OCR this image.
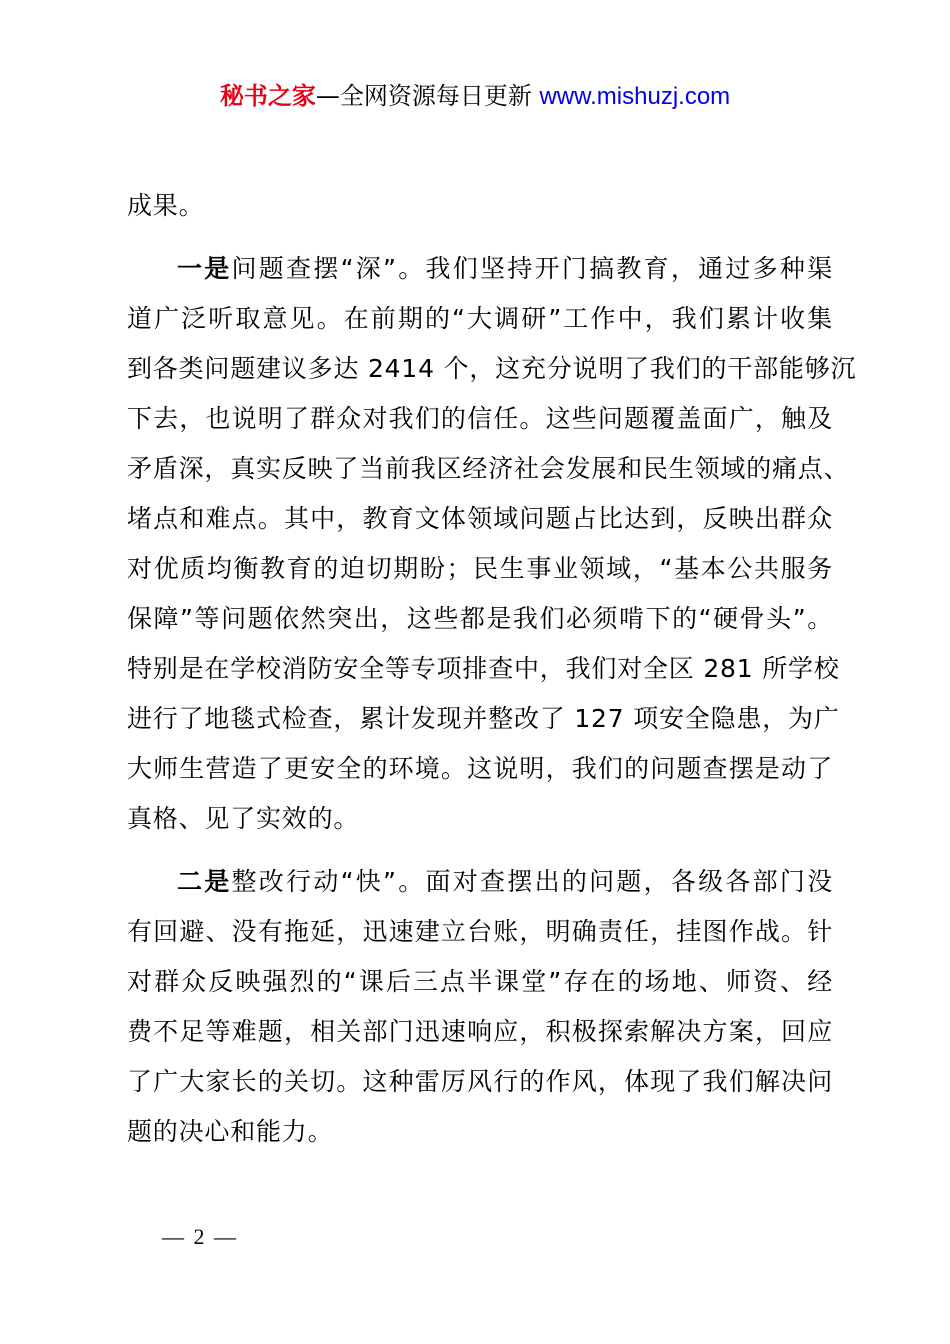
秘书之家—全网资源每日更新 www.mishuzj.com
成果。
一是问题查摆“深”。我们坚持开门搞教育，通过多种渠
道广泛听取意见。在前期的“大调研”工作中，我们累计收集
到各类问题建议多达 2414 个，这充分说明了我们的干部能够沉
下去，也说明了群众对我们的信任。这些问题覆盖面广，触及
矛盾深，真实反映了当前我区经济社会发展和民生领域的痛点、
堵点和难点。其中，教育文体领域问题占比达到，反映出群众
对优质均衡教育的迫切期盼；民生事业领域，“基本公共服务
保障”等问题依然突出，这些都是我们必须啃下的“硬骨头”。
特别是在学校消防安全等专项排查中，我们对全区 281 所学校
进行了地毯式检查，累计发现并整改了 127 项安全隐患，为广
大师生营造了更安全的环境。这说明，我们的问题查摆是动了
真格、见了实效的。
二是整改行动“快”。面对查摆出的问题，各级各部门没
有回避、没有拖延，迅速建立台账，明确责任，挂图作战。针
对群众反映强烈的“课后三点半课堂”存在的场地、师资、经
费不足等难题，相关部门迅速响应，积极探索解决方案，回应
了广大家长的关切。这种雷厉风行的作风，体现了我们解决问
题的决心和能力。
— 2 —
